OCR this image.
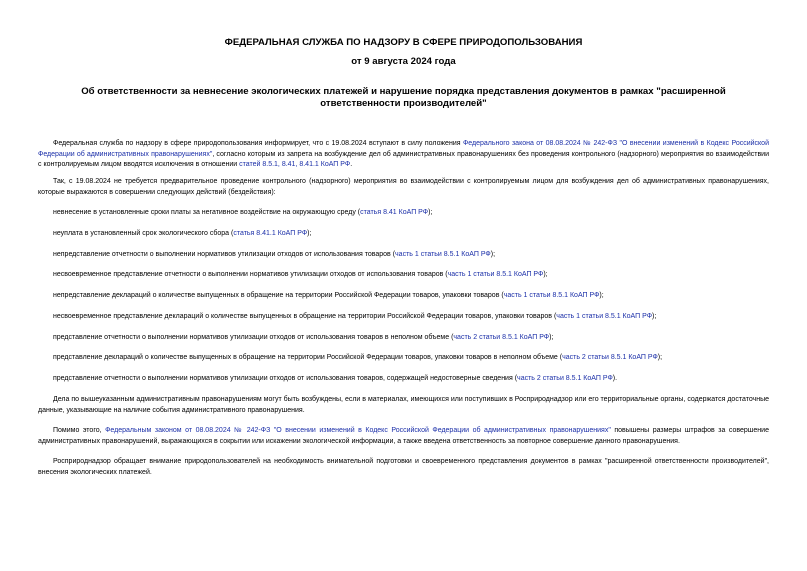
ФЕДЕРАЛЬНАЯ СЛУЖБА ПО НАДЗОРУ В СФЕРЕ ПРИРОДОПОЛЬЗОВАНИЯ
от 9 августа 2024 года
Об ответственности за невнесение экологических платежей и нарушение порядка представления документов в рамках "расширенной ответственности производителей"
Федеральная служба по надзору в сфере природопользования информирует, что с 19.08.2024 вступают в силу положения Федерального закона от 08.08.2024 № 242-ФЗ "О внесении изменений в Кодекс Российской Федерации об административных правонарушениях", согласно которым из запрета на возбуждение дел об административных правонарушениях без проведения контрольного (надзорного) мероприятия во взаимодействии с контролируемым лицом вводятся исключения в отношении статей 8.5.1, 8.41, 8.41.1 КоАП РФ.
Так, с 19.08.2024 не требуется предварительное проведение контрольного (надзорного) мероприятия во взаимодействии с контролируемым лицом для возбуждения дел об административных правонарушениях, которые выражаются в совершении следующих действий (бездействия):
невнесение в установленные сроки платы за негативное воздействие на окружающую среду (статья 8.41 КоАП РФ);
неуплата в установленный срок экологического сбора (статья 8.41.1 КоАП РФ);
непредставление отчетности о выполнении нормативов утилизации отходов от использования товаров (часть 1 статьи 8.5.1 КоАП РФ);
несвоевременное представление отчетности о выполнении нормативов утилизации отходов от использования товаров (часть 1 статьи 8.5.1 КоАП РФ);
непредставление деклараций о количестве выпущенных в обращение на территории Российской Федерации товаров, упаковки товаров (часть 1 статьи 8.5.1 КоАП РФ);
несвоевременное представление деклараций о количестве выпущенных в обращение на территории Российской Федерации товаров, упаковки товаров (часть 1 статьи 8.5.1 КоАП РФ);
представление отчетности о выполнении нормативов утилизации отходов от использования товаров в неполном объеме (часть 2 статьи 8.5.1 КоАП РФ);
представление деклараций о количестве выпущенных в обращение на территории Российской Федерации товаров, упаковки товаров в неполном объеме (часть 2 статьи 8.5.1 КоАП РФ);
представление отчетности о выполнении нормативов утилизации отходов от использования товаров, содержащей недостоверные сведения (часть 2 статьи 8.5.1 КоАП РФ).
Дела по вышеуказанным административным правонарушениям могут быть возбуждены, если в материалах, имеющихся или поступивших в Росприроднадзор или его территориальные органы, содержатся достаточные данные, указывающие на наличие события административного правонарушения.
Помимо этого, Федеральным законом от 08.08.2024 № 242-ФЗ "О внесении изменений в Кодекс Российской Федерации об административных правонарушениях" повышены размеры штрафов за совершение административных правонарушений, выражающихся в сокрытии или искажении экологической информации, а также введена ответственность за повторное совершение данного правонарушения.
Росприроднадзор обращает внимание природопользователей на необходимость внимательной подготовки и своевременного представления документов в рамках "расширенной ответственности производителей", внесения экологических платежей.
